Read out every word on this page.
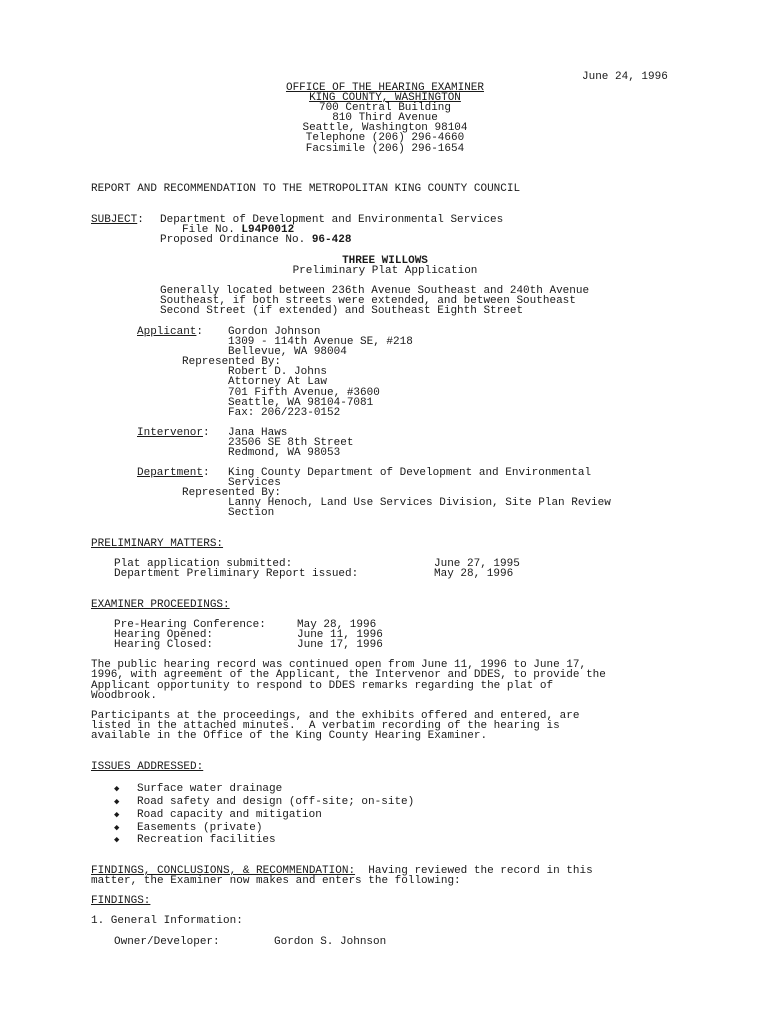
June 24, 1996
OFFICE OF THE HEARING EXAMINER
KING COUNTY, WASHINGTON
700 Central Building
810 Third Avenue
Seattle, Washington 98104
Telephone (206) 296-4660
Facsimile (206) 296-1654
REPORT AND RECOMMENDATION TO THE METROPOLITAN KING COUNTY COUNCIL
SUBJECT: Department of Development and Environmental Services
File No. L94P0012
Proposed Ordinance No. 96-428
THREE WILLOWS
Preliminary Plat Application
Generally located between 236th Avenue Southeast and 240th Avenue
Southeast, if both streets were extended, and between Southeast
Second Street (if extended) and Southeast Eighth Street
Applicant: Gordon Johnson
1309 - 114th Avenue SE, #218
Bellevue, WA 98004
Represented By:
Robert D. Johns
Attorney At Law
701 Fifth Avenue, #3600
Seattle, WA 98104-7081
Fax: 206/223-0152
Intervenor: Jana Haws
23506 SE 8th Street
Redmond, WA 98053
Department: King County Department of Development and Environmental
Services
Represented By:
Lanny Henoch, Land Use Services Division, Site Plan Review
Section
PRELIMINARY MATTERS:
Plat application submitted:	June 27, 1995
Department Preliminary Report issued:	May 28, 1996
EXAMINER PROCEEDINGS:
Pre-Hearing Conference:	May 28, 1996
Hearing Opened:	June 11, 1996
Hearing Closed:	June 17, 1996
The public hearing record was continued open from June 11, 1996 to June 17,
1996, with agreement of the Applicant, the Intervenor and DDES, to provide the
Applicant opportunity to respond to DDES remarks regarding the plat of
Woodbrook.
Participants at the proceedings, and the exhibits offered and entered, are
listed in the attached minutes.  A verbatim recording of the hearing is
available in the Office of the King County Hearing Examiner.
ISSUES ADDRESSED:
◆ Surface water drainage
◆ Road safety and design (off-site; on-site)
◆ Road capacity and mitigation
◆ Easements (private)
◆ Recreation facilities
FINDINGS, CONCLUSIONS, & RECOMMENDATION:  Having reviewed the record in this
matter, the Examiner now makes and enters the following:
FINDINGS:
1. General Information:
Owner/Developer:	Gordon S. Johnson
